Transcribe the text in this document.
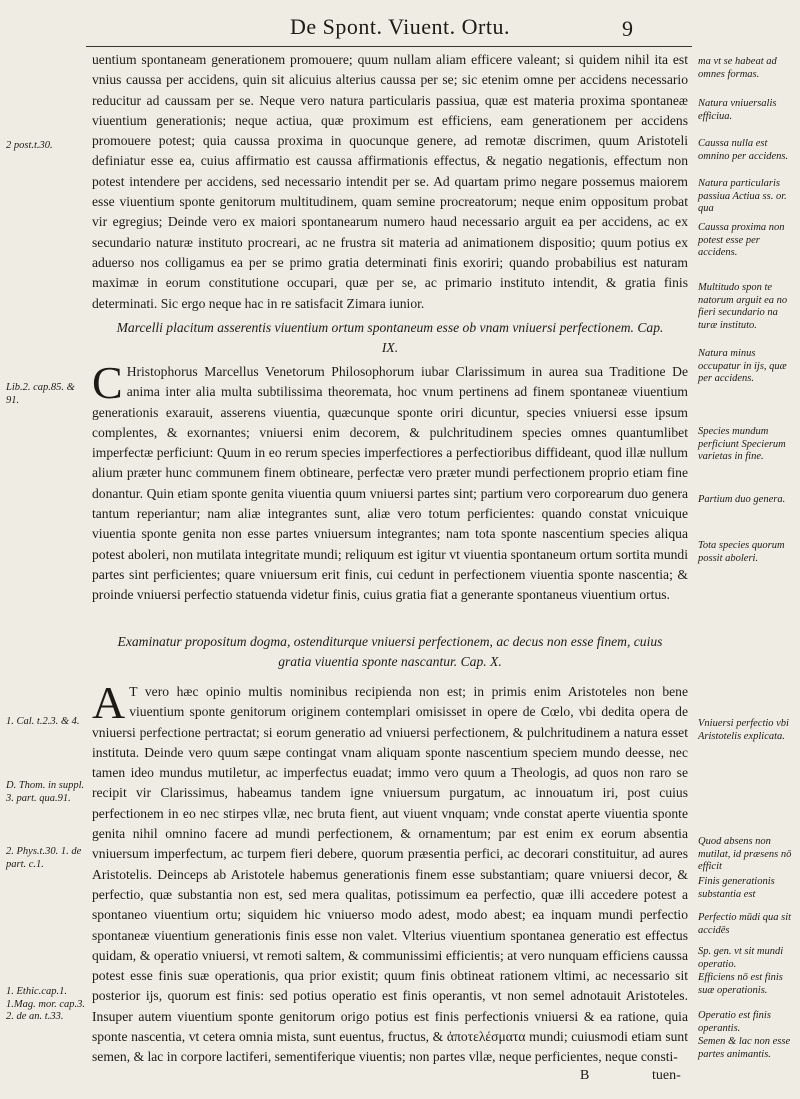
De Spont. Viuent. Ortu.	9

uentium spontaneam generationem promouere; quum nullam aliam efficere valeant; si quidem nihil ita est vnius caussa per accidens, quin sit alicuius alterius caussa per se; sic etenim omne per accidens necessario reducitur ad caussam per se. Neque vero natura particularis passiua, quæ est materia proxima spontaneæ viuentium generationis; neque actiua, quæ proximum est efficiens, eam generationem per accidens promouere potest; quia caussa proxima in quocunque genere, ad remotæ discrimen, quum Aristoteli definiatur esse ea, cuius affirmatio est caussa affirmationis effectus, & negatio negationis, effectum non potest intendere per accidens, sed necessario intendit per se. Ad quartam primo negare possemus maiorem esse viuentium sponte genitorum multitudinem, quam semine procreatorum; neque enim oppositum probat vir egregius; Deinde vero ex maiori spontanearum numero haud necessario arguit ea per accidens, ac ex secundario naturæ instituto procreari, ac ne frustra sit materia ad animationem dispositio; quum potius ex aduerso nos colligamus ea per se primo gratia determinati finis exoriri; quando probabilius est naturam maximæ in eorum constitutione occupari, quæ per se, ac primario instituto intendit, & gratia finis determinati. Sic ergo neque hac in re satisfacit Zimara iunior.

Marcelli placitum asserentis viuentium ortum spontaneum esse ob vnam vniuersi perfectionem. Cap. IX.
C Hristophorus Marcellus Venetorum Philosophorum iubar Clarissimum in aurea sua Traditione De anima inter alia multa subtilissima theoremata, hoc vnum pertinens ad finem spontaneæ viuentium generationis exarauit, asserens viuentia, quæcunque sponte oriri dicuntur, species vniuersi esse ipsum complentes, & exornantes; vniuersi enim decorem, & pulchritudinem species omnes quantumlibet imperfectæ perficiunt: Quum in eo rerum species imperfectiores a perfectioribus diffideant, quod illæ nullum alium præter hunc communem finem obtineare, perfectæ vero præter mundi perfectionem proprio etiam fine donantur. Quin etiam sponte genita viuentia quum vniuersi partes sint; partium vero corporearum duo genera tantum reperiantur; nam aliæ integrantes sunt, aliæ vero totum perficientes: quando constat vnicuique viuentia sponte genita non esse partes vniuersum integrantes; nam tota sponte nascentium species aliqua potest aboleri, non mutilata integritate mundi; reliquum est igitur vt viuentia spontaneum ortum sortita mundi partes sint perficientes; quare vniuersum erit finis, cui cedunt in perfectionem viuentia sponte nascentia; & proinde vniuersi perfectio statuenda videtur finis, cuius gratia fiat a generante spontaneus viuentium ortus.

Examinatur propositum dogma, ostenditurque vniuersi perfectionem, ac decus non esse finem, cuius gratia viuentia sponte nascantur. Cap. X.
A T vero hæc opinio multis nominibus recipienda non est; in primis enim Aristoteles non bene viuentium sponte genitorum originem contemplari omisisset in opere de Cœlo, vbi dedita opera de vniuersi perfectione pertractat; si eorum generatio ad vniuersi perfectionem, & pulchritudinem a natura esset instituta. Deinde vero quum sæpe contingat vnam aliquam sponte nascentium speciem mundo deesse, nec tamen ideo mundus mutiletur, ac imperfectus euadat; immo vero quum a Theologis, ad quos non raro se recipit vir Clarissimus, habeamus tandem igne vniuersum purgatum, ac innouatum iri, post cuius perfectionem in eo nec stirpes vllæ, nec bruta fient, aut viuent vnquam; vnde constat aperte viuentia sponte genita nihil omnino facere ad mundi perfectionem, & ornamentum; par est enim ex eorum absentia vniuersum imperfectum, ac turpem fieri debere, quorum præsentia perfici, ac decorari constituitur, ad aures Aristotelis. Deinceps ab Aristotele habemus generationis finem esse substantiam; quare vniuersi decor, & perfectio, quæ substantia non est, sed mera qualitas, potissimum ea perfectio, quæ illi accedere potest a spontaneo viuentium ortu; siquidem hic vniuerso modo adest, modo abest; ea inquam mundi perfectio spontaneæ viuentium generationis finis esse non valet. Vlterius viuentium spontanea generatio est effectus quidam, & operatio vniuersi, vt remoti saltem, & communissimi efficientis; at vero nunquam efficiens caussa potest esse finis suæ operationis, qua prior existit; quum finis obtineat rationem vltimi, ac necessario sit posterior ijs, quorum est finis: sed potius operatio est finis operantis, vt non semel adnotauit Aristoteles. Insuper autem viuentium sponte genitorum origo potius est finis perfectionis vniuersi & ea ratione, quia sponte nascentia, vt cetera omnia mista, sunt euentus, fructus, & ἀποτελέσματα mundi; cuiusmodi etiam sunt semen, & lac in corpore lactiferi, sementiferique viuentis; non partes vllæ, neque perficientes, neque consti-

B	tuen-
2 post.t.30.
Lib.2. cap.85. & 91.
1. Cal. t.2.3. & 4.
D. Thom. in suppl. 3. part. qua.91.
2. Phys.t.30. 1. de part. c.1.
1. Ethic.cap.1. 1.Mag. mor. cap.3. 2. de an. t.33.
ma vt se habeat ad omnes formas.
Natura vniuersalis efficiua.
Caussa nulla est omnino per accidens.
Natura particularis passiua Actiua ss. or. qua
Caussa proxima non potest esse per accidens.
Multitudo spon te natorum arguit ea no fieri secundario na turæ instituto.
Natura minus occupatur in ijs, quæ per accidens.
Species mundum perficiunt Specierum varietas in fine.
Partium duo genera.
Tota species quorum possit aboleri.
Vniuersi perfectio vbi Aristotelis explicata.
Quod absens non mutilat, id præsens nō efficit
Finis generationis substantia est
Perfectio mūdi qua sit accidēs
Sp. gen. vt sit mundi operatio.
Efficiens nō est finis suæ operationis.
Operatio est finis operantis.
Semen & lac non esse partes animantis.
